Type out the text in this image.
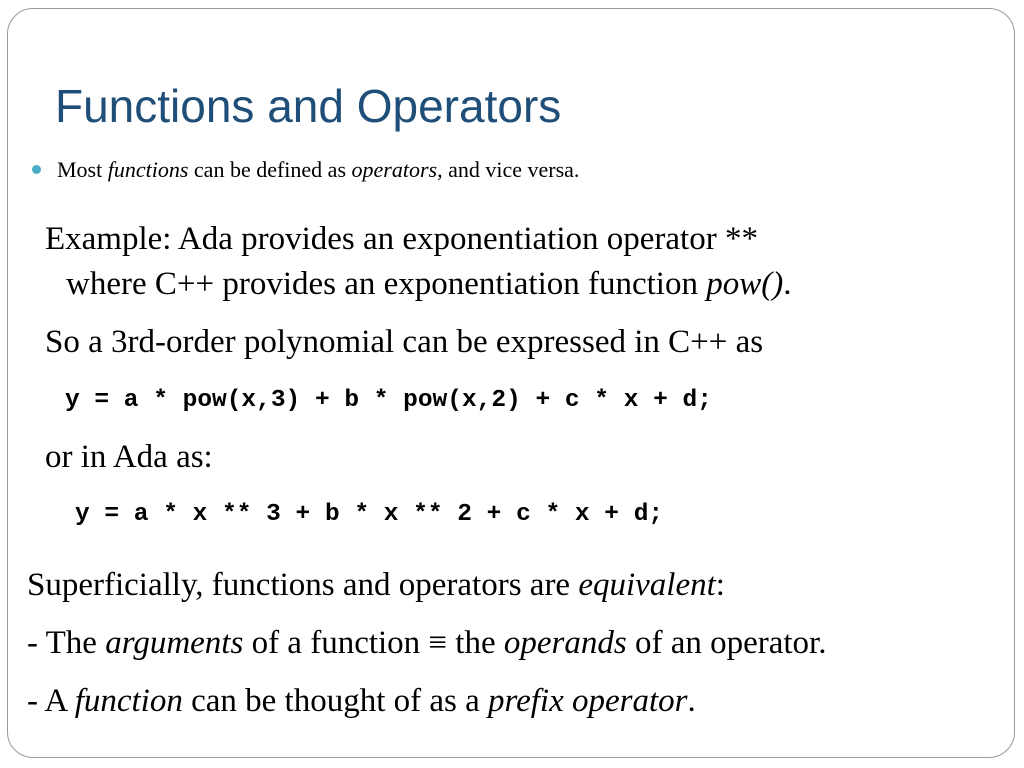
Functions and Operators
Most functions can be defined as operators, and vice versa.
Example: Ada provides an exponentiation operator **
where C++ provides an exponentiation function pow().
So a 3rd-order polynomial can be expressed in C++ as
y = a * pow(x,3) + b * pow(x,2) + c * x + d;
or in Ada as:
y = a * x ** 3 + b * x ** 2 + c * x + d;
Superficially, functions and operators are equivalent:
- The arguments of a function ≡ the operands of an operator.
- A function can be thought of as a prefix operator.
